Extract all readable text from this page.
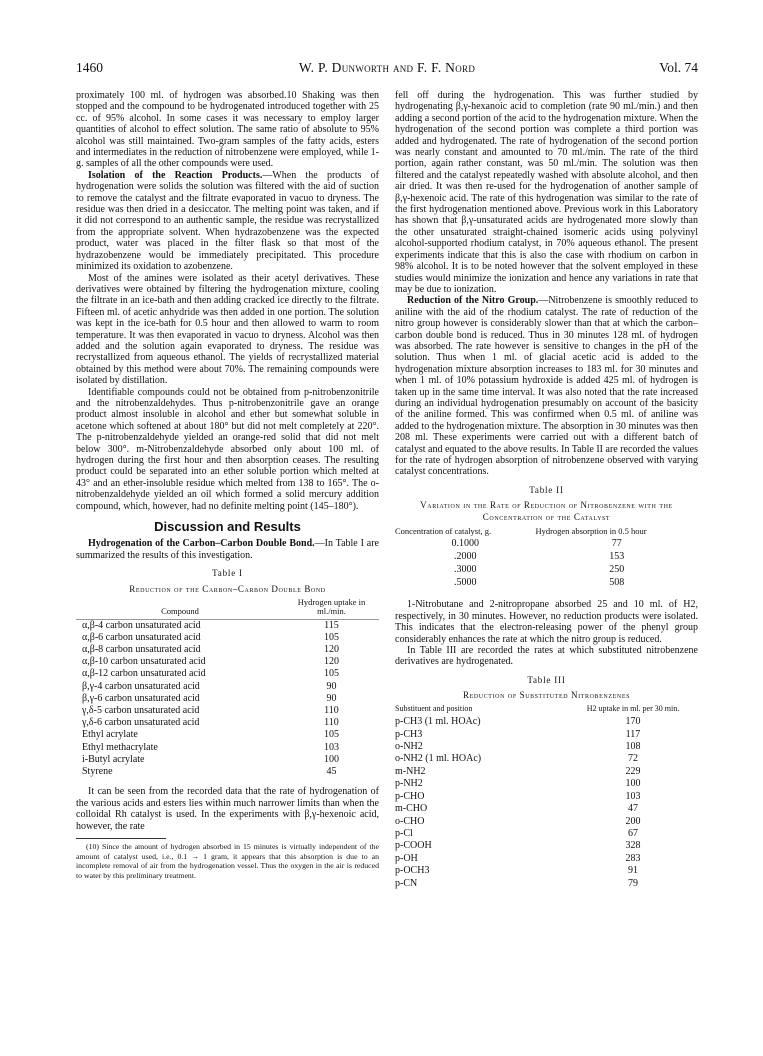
1460	W. P. Dunworth and F. F. Nord	Vol. 74

proximately 100 ml. of hydrogen was absorbed.10 Shaking was then stopped and the compound to be hydrogenated introduced together with 25 cc. of 95% alcohol. In some cases it was necessary to employ larger quantities of alcohol to effect solution. The same ratio of absolute to 95% alcohol was still maintained. Two-gram samples of the fatty acids, esters and intermediates in the reduction of nitrobenzene were employed, while 1-g. samples of all the other compounds were used.

Isolation of the Reaction Products.—When the products of hydrogenation were solids the solution was filtered with the aid of suction to remove the catalyst and the filtrate evaporated in vacuo to dryness. The residue was then dried in a desiccator. The melting point was taken, and if it did not correspond to an authentic sample, the residue was recrystallized from the appropriate solvent. When hydrazobenzene was the expected product, water was placed in the filter flask so that most of the hydrazobenzene would be immediately precipitated. This procedure minimized its oxidation to azobenzene.

Most of the amines were isolated as their acetyl derivatives. These derivatives were obtained by filtering the hydrogenation mixture, cooling the filtrate in an ice-bath and then adding cracked ice directly to the filtrate. Fifteen ml. of acetic anhydride was then added in one portion. The solution was kept in the ice-bath for 0.5 hour and then allowed to warm to room temperature. It was then evaporated in vacuo to dryness. Alcohol was then added and the solution again evaporated to dryness. The residue was recrystallized from aqueous ethanol. The yields of recrystallized material obtained by this method were about 70%. The remaining compounds were isolated by distillation.

Identifiable compounds could not be obtained from p-nitrobenzonitrile and the nitrobenzaldehydes. Thus p-nitrobenzonitrile gave an orange product almost insoluble in alcohol and ether but somewhat soluble in acetone which softened at about 180° but did not melt completely at 220°. The p-nitrobenzaldehyde yielded an orange-red solid that did not melt below 300°. m-Nitrobenzaldehyde absorbed only about 100 ml. of hydrogen during the first hour and then absorption ceases. The resulting product could be separated into an ether soluble portion which melted at 43° and an ether-insoluble residue which melted from 138 to 165°. The o-nitrobenzaldehyde yielded an oil which formed a solid mercury addition compound, which, however, had no definite melting point (145–180°).

Discussion and Results

Hydrogenation of the Carbon–Carbon Double Bond.—In Table I are summarized the results of this investigation.

Table I
Reduction of the Carbon–Carbon Double Bond
Compound	Hydrogen uptake in ml./min.
α,β-4 carbon unsaturated acid	115
α,β-6 carbon unsaturated acid	105
α,β-8 carbon unsaturated acid	120
α,β-10 carbon unsaturated acid	120
α,β-12 carbon unsaturated acid	105
β,γ-4 carbon unsaturated acid	90
β,γ-6 carbon unsaturated acid	90
γ,δ-5 carbon unsaturated acid	110
γ,δ-6 carbon unsaturated acid	110
Ethyl acrylate	105
Ethyl methacrylate	103
i-Butyl acrylate	100
Styrene	45

It can be seen from the recorded data that the rate of hydrogenation of the various acids and esters lies within much narrower limits than when the colloidal Rh catalyst is used. In the experiments with β,γ-hexenoic acid, however, the rate

(10) Since the amount of hydrogen absorbed in 15 minutes is virtually independent of the amount of catalyst used, i.e., 0.1 → 1 gram, it appears that this absorption is due to an incomplete removal of air from the hydrogenation vessel. Thus the oxygen in the air is reduced to water by this preliminary treatment.

fell off during the hydrogenation. This was further studied by hydrogenating β,γ-hexanoic acid to completion (rate 90 ml./min.) and then adding a second portion of the acid to the hydrogenation mixture. When the hydrogenation of the second portion was complete a third portion was added and hydrogenated. The rate of hydrogenation of the second portion was nearly constant and amounted to 70 ml./min. The rate of the third portion, again rather constant, was 50 ml./min. The solution was then filtered and the catalyst repeatedly washed with absolute alcohol, and then air dried. It was then re-used for the hydrogenation of another sample of β,γ-hexenoic acid. The rate of this hydrogenation was similar to the rate of the first hydrogenation mentioned above. Previous work in this Laboratory has shown that β,γ-unsaturated acids are hydrogenated more slowly than the other unsaturated straight-chained isomeric acids using polyvinyl alcohol-supported rhodium catalyst, in 70% aqueous ethanol. The present experiments indicate that this is also the case with rhodium on carbon in 98% alcohol. It is to be noted however that the solvent employed in these studies would minimize the ionization and hence any variations in rate that may be due to ionization.

Reduction of the Nitro Group.—Nitrobenzene is smoothly reduced to aniline with the aid of the rhodium catalyst. The rate of reduction of the nitro group however is considerably slower than that at which the carbon–carbon double bond is reduced. Thus in 30 minutes 128 ml. of hydrogen was absorbed. The rate however is sensitive to changes in the pH of the solution. Thus when 1 ml. of glacial acetic acid is added to the hydrogenation mixture absorption increases to 183 ml. for 30 minutes and when 1 ml. of 10% potassium hydroxide is added 425 ml. of hydrogen is taken up in the same time interval. It was also noted that the rate increased during an individual hydrogenation presumably on account of the basicity of the aniline formed. This was confirmed when 0.5 ml. of aniline was added to the hydrogenation mixture. The absorption in 30 minutes was then 208 ml. These experiments were carried out with a different batch of catalyst and equated to the above results. In Table II are recorded the values for the rate of hydrogen absorption of nitrobenzene observed with varying catalyst concentrations.

Table II
Variation in the Rate of Reduction of Nitrobenzene with the Concentration of the Catalyst
Concentration of catalyst, g.	Hydrogen absorption in 0.5 hour
0.1000	77
.2000	153
.3000	250
.5000	508

1-Nitrobutane and 2-nitropropane absorbed 25 and 10 ml. of H2, respectively, in 30 minutes. However, no reduction products were isolated. This indicates that the electron-releasing power of the phenyl group considerably enhances the rate at which the nitro group is reduced.

In Table III are recorded the rates at which substituted nitrobenzene derivatives are hydrogenated.

Table III
Reduction of Substituted Nitrobenzenes
Substituent and position	H2 uptake in ml. per 30 min.
p-CH3 (1 ml. HOAc)	170
p-CH3	117
o-NH2	108
o-NH2 (1 ml. HOAc)	72
m-NH2	229
p-NH2	100
p-CHO	103
m-CHO	47
o-CHO	200
p-Cl	67
p-COOH	328
p-OH	283
p-OCH3	91
p-CN	79
